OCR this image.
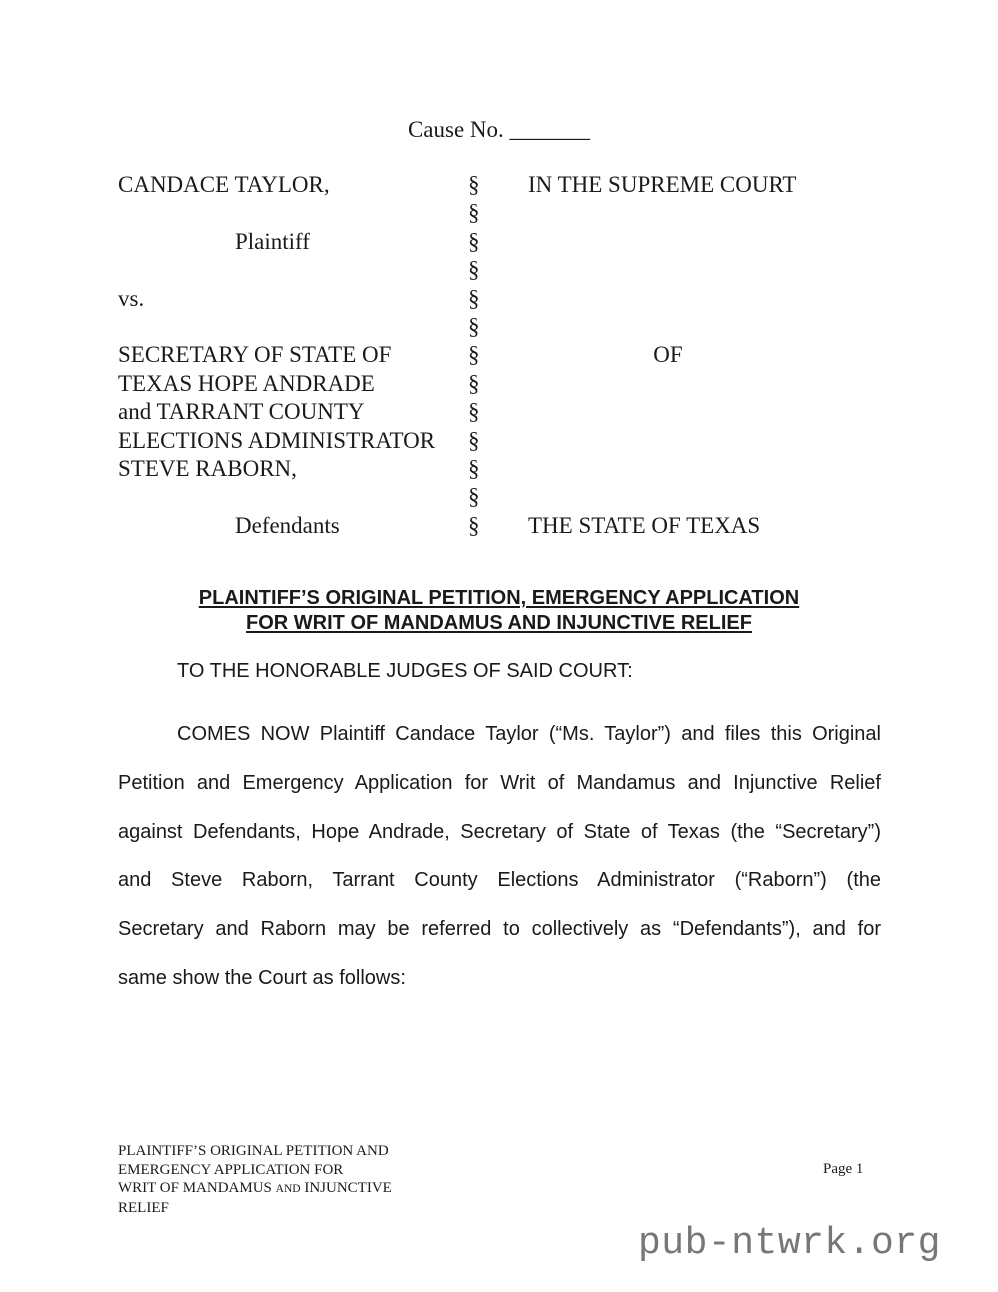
Cause No. _______
CANDACE TAYLOR,	§ IN THE SUPREME COURT
§
Plaintiff	§
§
vs.	§
§
SECRETARY OF STATE OF	§	OF
TEXAS HOPE ANDRADE	§
and TARRANT COUNTY	§
ELECTIONS ADMINISTRATOR §
STEVE RABORN,	§
§
Defendants	§ THE STATE OF TEXAS
PLAINTIFF’S ORIGINAL PETITION, EMERGENCY APPLICATION
FOR WRIT OF MANDAMUS AND INJUNCTIVE RELIEF
TO THE HONORABLE JUDGES OF SAID COURT:
COMES NOW Plaintiff Candace Taylor (“Ms. Taylor”) and files this Original
Petition and Emergency Application for Writ of Mandamus and Injunctive Relief
against Defendants, Hope Andrade, Secretary of State of Texas (the “Secretary”)
and Steve Raborn, Tarrant County Elections Administrator (“Raborn”) (the
Secretary and Raborn may be referred to collectively as “Defendants”), and for
same show the Court as follows:
PLAINTIFF’S ORIGINAL PETITION AND
EMERGENCY APPLICATION FOR
WRIT OF MANDAMUS AND INJUNCTIVE
RELIEF
Page 1
pub-ntwrk.org
